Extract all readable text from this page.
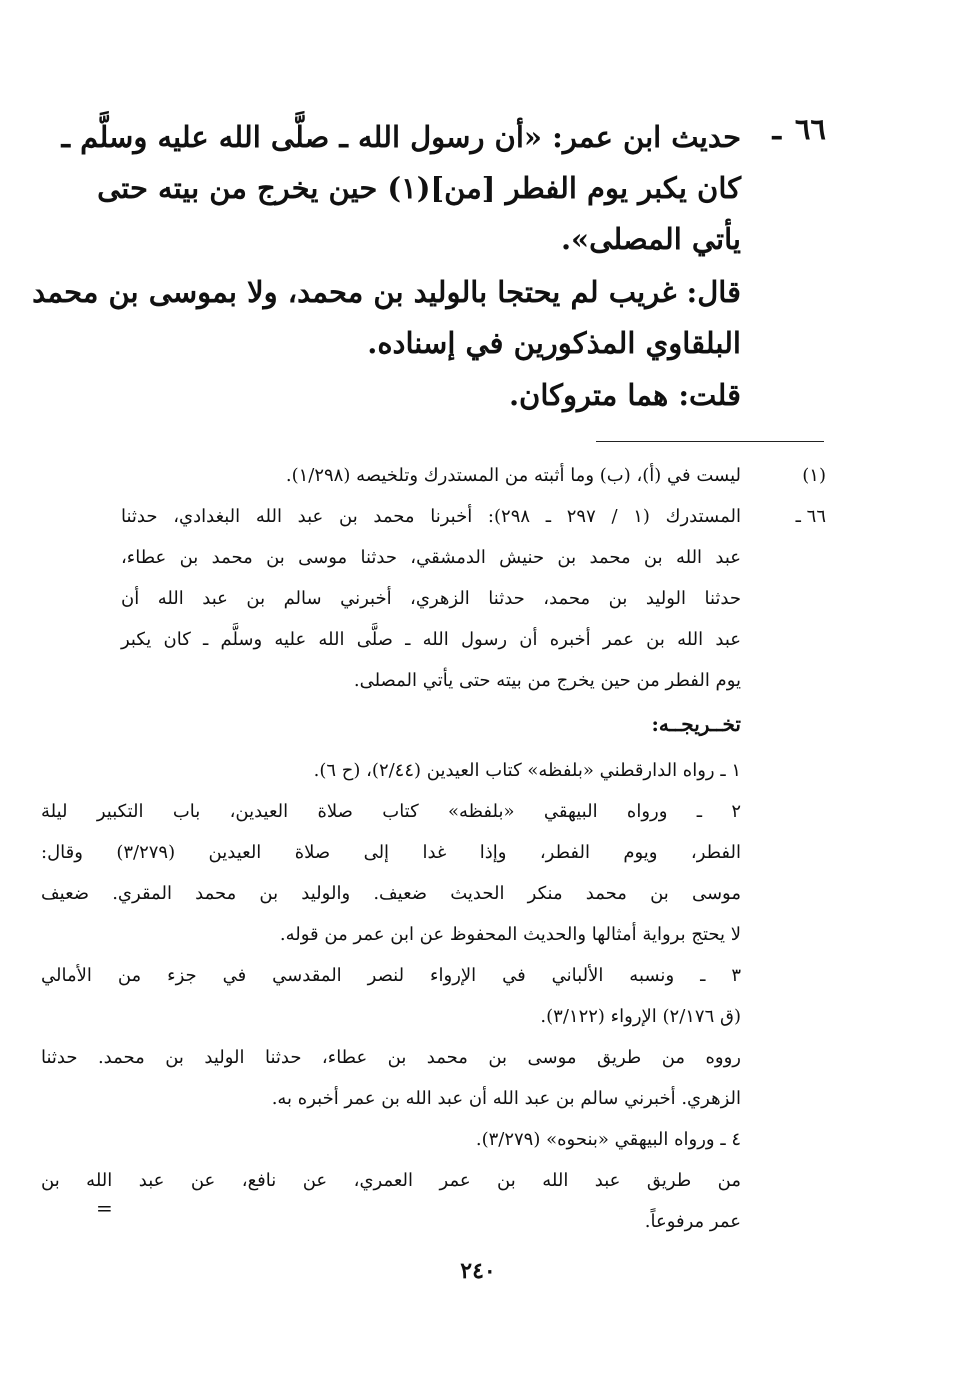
٦٦
ـ
حديث ابن عمر: «أن رسول الله ـ صلَّى الله عليه وسلَّم ـ
كان يكبر يوم الفطر [من](١) حين يخرج من بيته حتى
يأتي المصلى».
قال: غريب لم يحتجا بالوليد بن محمد، ولا بموسى بن محمد
البلقاوي المذكورين في إسناده.
قلت: هما متروكان.
(١)
ليست في (أ)، (ب) وما أثبته من المستدرك وتلخيصه (١/٢٩٨).
٦٦ ـ
المستدرك (١ / ٢٩٧ ـ ٢٩٨): أخبرنا محمد بن عبد الله البغدادي، حدثنا
عبد الله بن محمد بن حنيش الدمشقي، حدثنا موسى بن محمد بن عطاء،
حدثنا الوليد بن محمد، حدثنا الزهري، أخبرني سالم بن عبد الله أن
عبد الله بن عمر أخبره أن رسول الله ـ صلَّى الله عليه وسلَّم ـ كان يكبر
يوم الفطر من حين يخرج من بيته حتى يأتي المصلى.
تخــريجــه:
١ ـ رواه الدارقطني «بلفظه» كتاب العيدين (٢/٤٤)، (ح ٦).
٢ ـ ورواه البيهقي «بلفظه» كتاب صلاة العيدين، باب التكبير ليلة
الفطر، ويوم الفطر، وإذا غدا إلى صلاة العيدين (٣/٢٧٩) وقال:
موسى بن محمد منكر الحديث ضعيف. والوليد بن محمد المقري. ضعيف
لا يحتج برواية أمثالها والحديث المحفوظ عن ابن عمر من قوله.
٣ ـ ونسبه الألباني في الإرواء لنصر المقدسي في جزء من الأمالي
(ق ٢/١٧٦) الإرواء (٣/١٢٢).
رووه من طريق موسى بن محمد بن عطاء، حدثنا الوليد بن محمد. حدثنا
الزهري. أخبرني سالم بن عبد الله أن عبد الله بن عمر أخبره به.
٤ ـ ورواه البيهقي «بنحوه» (٣/٢٧٩).
من طريق عبد الله بن عمر العمري، عن نافع، عن عبد الله بن
عمر مرفوعاً.
=
٢٤٠
